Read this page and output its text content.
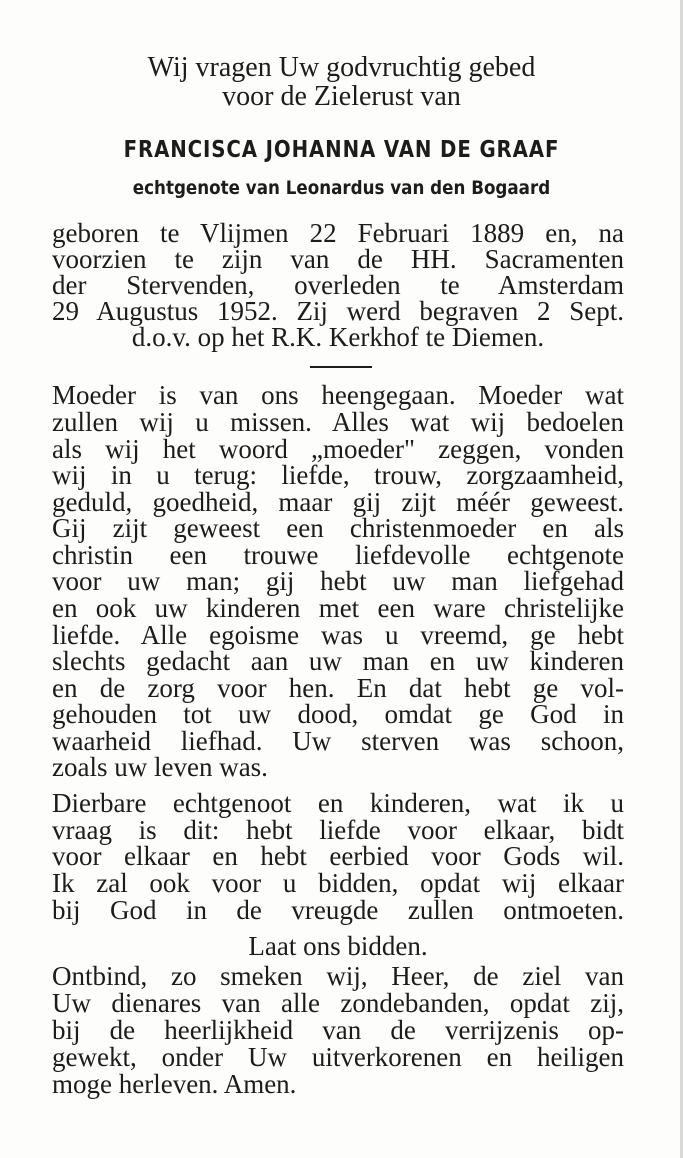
Wij vragen Uw godvruchtig gebed
voor de Zielerust van
FRANCISCA JOHANNA VAN DE GRAAF
echtgenote van Leonardus van den Bogaard
geboren te Vlijmen 22 Februari 1889 en, na
voorzien te zijn van de HH. Sacramenten
der Stervenden, overleden te Amsterdam
29 Augustus 1952. Zij werd begraven 2 Sept.
d.o.v. op het R.K. Kerkhof te Diemen.
Moeder is van ons heengegaan. Moeder wat
zullen wij u missen. Alles wat wij bedoelen
als wij het woord „moeder" zeggen, vonden
wij in u terug: liefde, trouw, zorgzaamheid,
geduld, goedheid, maar gij zijt méér geweest.
Gij zijt geweest een christenmoeder en als
christin een trouwe liefdevolle echtgenote
voor uw man; gij hebt uw man liefgehad
en ook uw kinderen met een ware christelijke
liefde. Alle egoisme was u vreemd, ge hebt
slechts gedacht aan uw man en uw kinderen
en de zorg voor hen. En dat hebt ge vol-
gehouden tot uw dood, omdat ge God in
waarheid liefhad. Uw sterven was schoon,
zoals uw leven was.
Dierbare echtgenoot en kinderen, wat ik u
vraag is dit: hebt liefde voor elkaar, bidt
voor elkaar en hebt eerbied voor Gods wil.
Ik zal ook voor u bidden, opdat wij elkaar
bij God in de vreugde zullen ontmoeten.
Laat ons bidden.
Ontbind, zo smeken wij, Heer, de ziel van
Uw dienares van alle zondebanden, opdat zij,
bij de heerlijkheid van de verrijzenis op-
gewekt, onder Uw uitverkorenen en heiligen
moge herleven. Amen.
